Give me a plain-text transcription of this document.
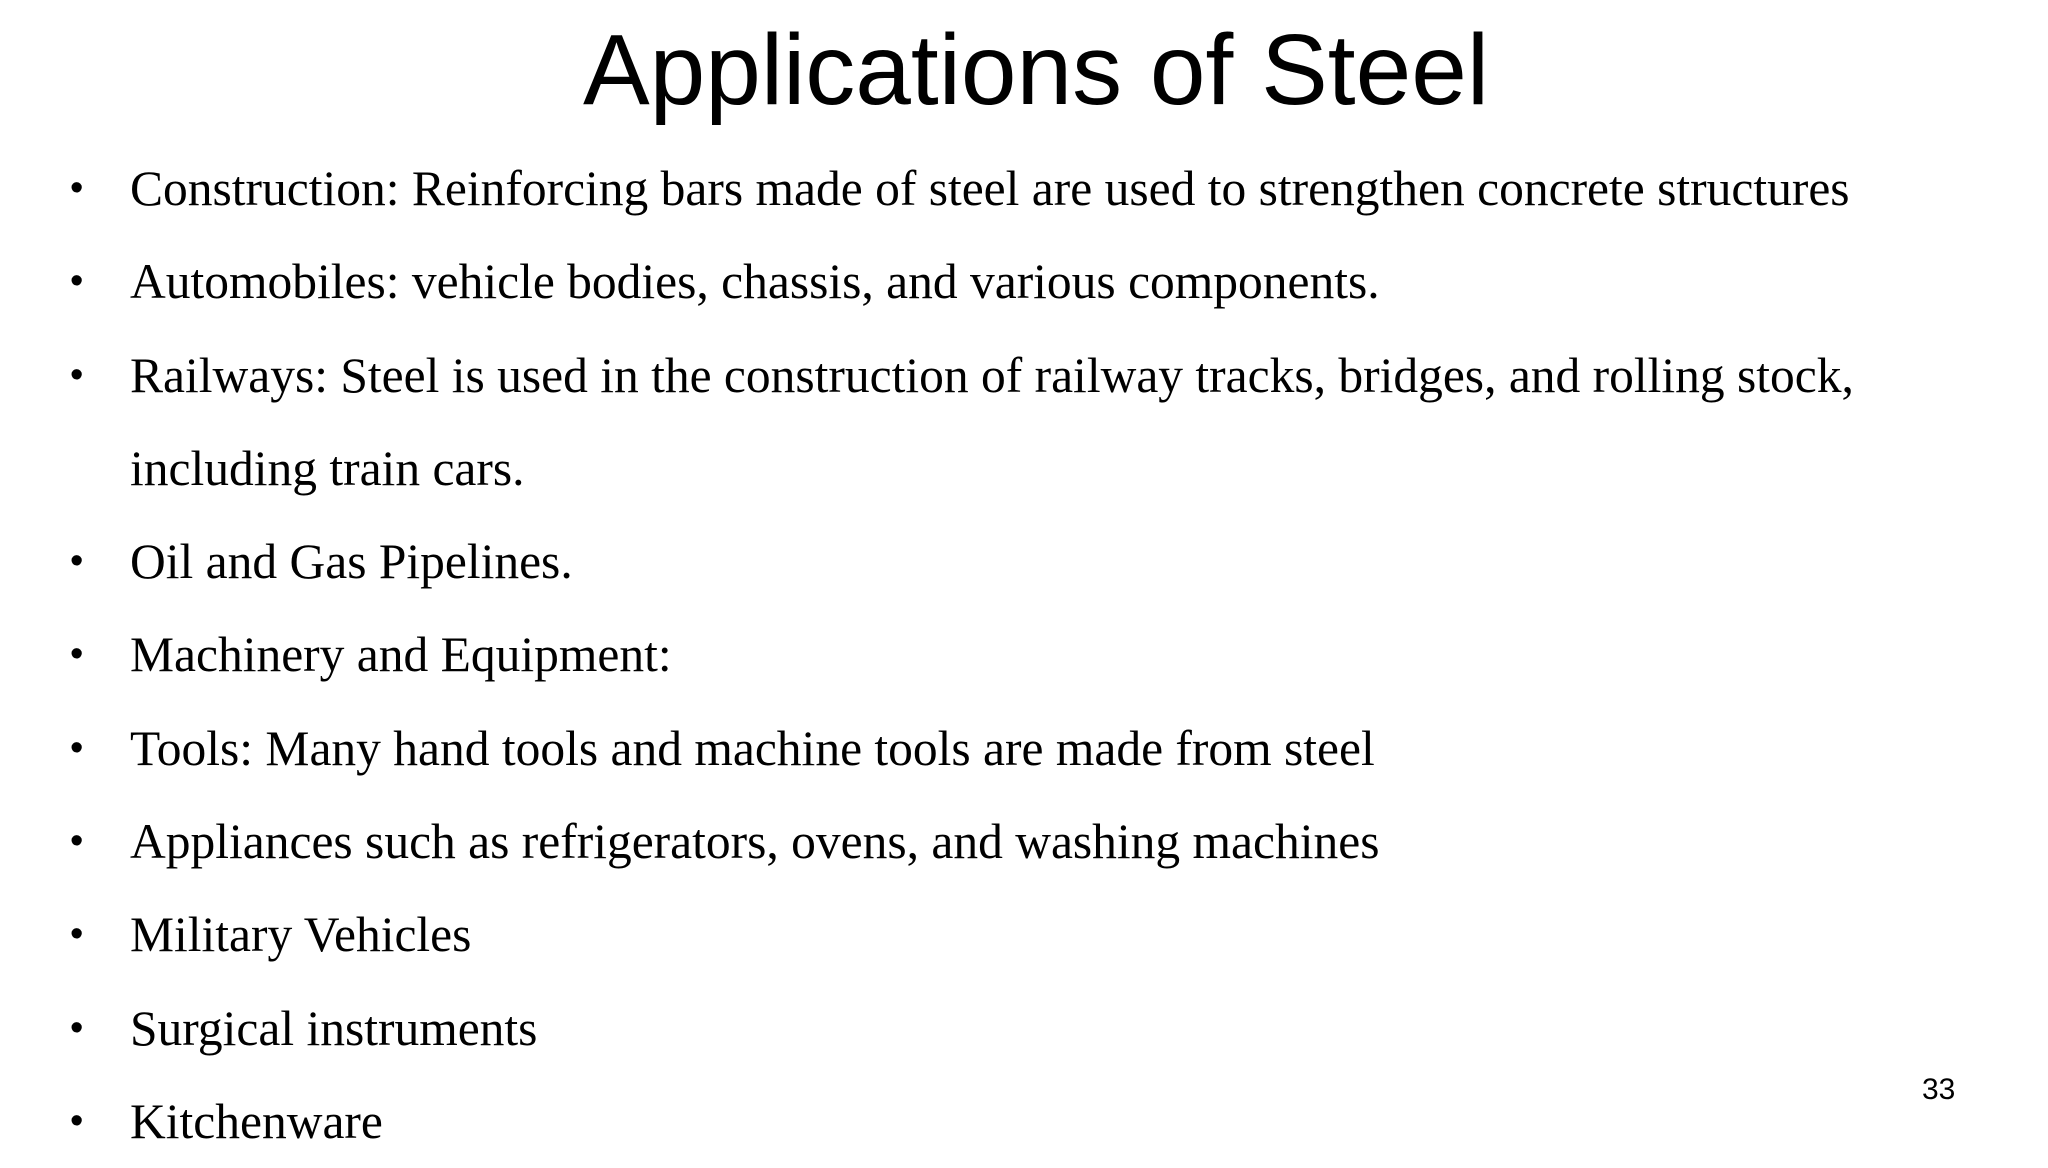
Applications of Steel
• Construction: Reinforcing bars made of steel are used to strengthen concrete structures
• Automobiles: vehicle bodies, chassis, and various components.
• Railways: Steel is used in the construction of railway tracks, bridges, and rolling stock, including train cars.
• Oil and Gas Pipelines.
• Machinery and Equipment:
• Tools: Many hand tools and machine tools are made from steel
• Appliances such as refrigerators, ovens, and washing machines
• Military Vehicles
• Surgical instruments
• Kitchenware
33
